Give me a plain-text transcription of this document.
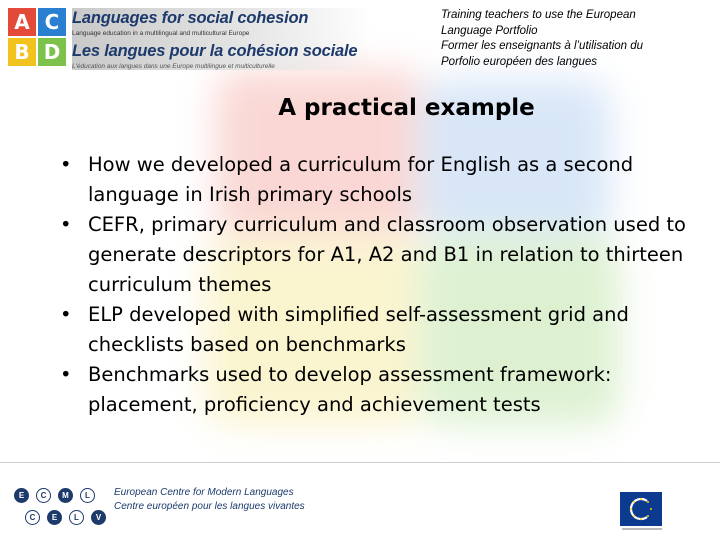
A C
B D
Languages for social cohesion
Language education in a multilingual and multicultural Europe
Les langues pour la cohésion sociale
L'éducation aux langues dans une Europe multilingue et multiculturelle
Training teachers to use the European
Language Portfolio
Former les enseignants à l’utilisation du
Porfolio européen des langues
A practical example
• How we developed a curriculum for English as a second language in Irish primary schools
• CEFR, primary curriculum and classroom observation used to generate descriptors for A1, A2 and B1 in relation to thirteen curriculum themes
• ELP developed with simplified self-assessment grid and checklists based on benchmarks
• Benchmarks used to develop assessment framework: placement, proficiency and achievement tests
E	C	M	L
C	E	L	V
European Centre for Modern Languages
Centre européen pour les langues vivantes
